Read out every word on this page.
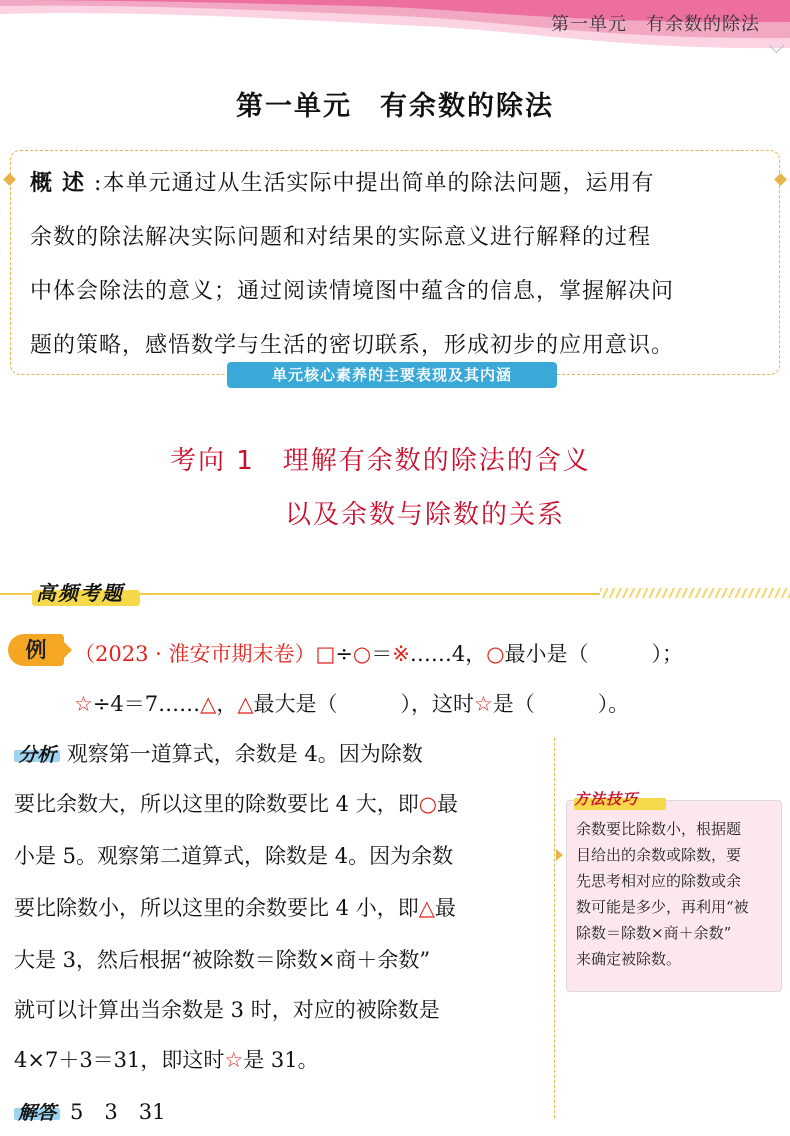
第一单元　有余数的除法
第一单元 有余数的除法
概述:本单元通过从生活实际中提出简单的除法问题，运用有
余数的除法解决实际问题和对结果的实际意义进行解释的过程
中体会除法的意义；通过阅读情境图中蕴含的信息，掌握解决问
题的策略，感悟数学与生活的密切联系，形成初步的应用意识。
单元核心素养的主要表现及其内涵
考向 1　理解有余数的除法的含义
以及余数与除数的关系
高频考题
例	（2023 · 淮安市期末卷）□÷○＝※……4，○最小是（　　　）；
☆÷4＝7……△，△最大是（　　　），这时☆是（　　　）。
分析 观察第一道算式，余数是 4。因为除数
要比余数大，所以这里的除数要比 4 大，即○最
小是 5。观察第二道算式，除数是 4。因为余数
要比除数小，所以这里的余数要比 4 小，即△最
大是 3，然后根据“被除数＝除数×商＋余数”
就可以计算出当余数是 3 时，对应的被除数是
4×7＋3＝31，即这时☆是 31。
解答 5　3　31
方法技巧
余数要比除数小，根据题
目给出的余数或除数，要
先思考相对应的除数或余
数可能是多少，再利用“被
除数＝除数×商＋余数”
来确定被除数。
